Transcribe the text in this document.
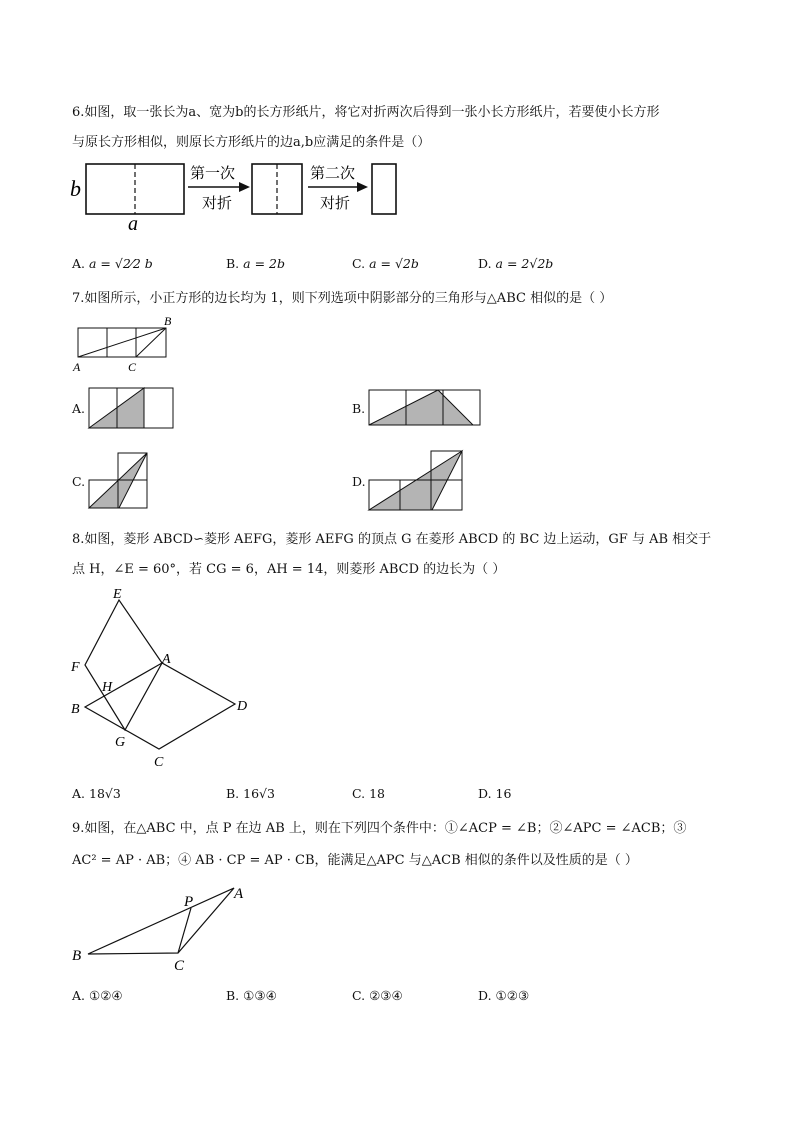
6.如图，取一张长为a、宽为b的长方形纸片，将它对折两次后得到一张小长方形纸片，若要使小长方形
与原长方形相似，则原长方形纸片的边a,b应满足的条件是（）
b
a
第一次
对折
第二次
对折
A. a = √2⁄2 b	B. a = 2b	C. a = √2b	D. a = 2√2b
7.如图所示，小正方形的边长均为 1，则下列选项中阴影部分的三角形与△ABC 相似的是（ ）
B
A	C
A.	B.
C.	D.
8.如图，菱形 ABCD∽菱形 AEFG，菱形 AEFG 的顶点 G 在菱形 ABCD 的 BC 边上运动，GF 与 AB 相交于
点 H，∠E = 60°，若 CG = 6，AH = 14，则菱形 ABCD 的边长为（ ）
E
F
A
H
B	D
G
C
A. 18√3	B. 16√3	C. 18	D. 16
9.如图，在△ABC 中，点 P 在边 AB 上，则在下列四个条件中：①∠ACP = ∠B；②∠APC = ∠ACB；③
AC² = AP · AB；④ AB · CP = AP · CB，能满足△APC 与△ACB 相似的条件以及性质的是（ ）
P	A
B
C
A. ①②④	B. ①③④	C. ②③④	D. ①②③
